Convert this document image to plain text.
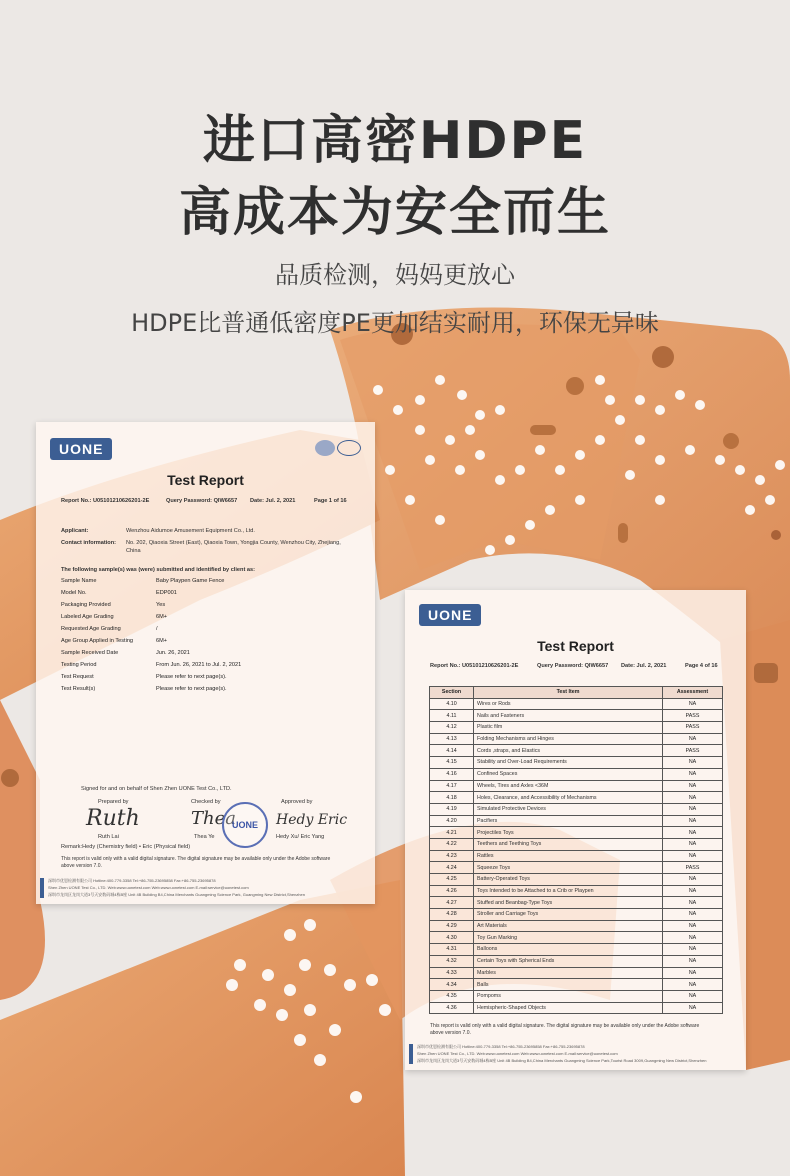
进口高密HDPE
高成本为安全而生
品质检测，妈妈更放心
HDPE比普通低密度PE更加结实耐用，环保无异味
UONE
Test Report
Report No.: U05101210626201-2E	Query Password: QIW6657 Date: Jul. 2, 2021	Page 1 of 16
Applicant:	Wenzhou Aidumoe Amusement Equipment Co., Ltd.
Contact information: No. 202, Qiaoxia Street (East), Qiaoxia Town, Yongjia County, Wenzhou City, Zhejiang,
China
The following sample(s) was (were) submitted and identified by client as:
Sample Name	Baby Playpen Game Fence
Model No.	EDP001
Packaging Provided	Yes
Labeled Age Grading	6M+
Requested Age Grading	/
Age Group Applied in Testing	6M+
Sample Received Date	Jun. 26, 2021
Testing Period	From Jun. 26, 2021 to Jul. 2, 2021
Test Request	Please refer to next page(s).
Test Result(s)	Please refer to next page(s).
Signed for and on behalf of Shen Zhen UONE Test Co., LTD.
Prepared by	Checked by	Approved by
Ruth	Thea	Hedy Eric
UONE
Ruth Lai	Thea Ye	Hedy Xu/ Eric Yang
Remark:Hedy (Chemistry field) • Eric (Physical field)
This report is valid only with a valid digital signature. The digital signature may be available only under the Adobe software
above version 7.0.
深圳市优恩检测有限公司 Hotline:400-779-3358 Tel:+86-755-23695858 Fax:+86-755-23695878
Shen Zhen UONE Test Co., LTD. Web:www.uonetest.com Web:www.uonetest.com E-mail:service@uonetest.com
深圳市龙岗区龙岗大道3号天安数码城4栋B座 Unit 4B Building B4,China Merchants Guangming Science Park, Guangming New District,Shenzhen
UONE
Test Report
Report No.: U05101210626201-2E	Query Password: QIW6657 Date: Jul. 2, 2021	Page 4 of 16
Section	Test Item	Assessment
4.10	Wires or Rods	NA
4.11	Nails and Fasteners	PASS
4.12	Plastic film	PASS
4.13	Folding Mechanisms and Hinges	NA
4.14	Cords ,straps, and Elastics	PASS
4.15	Stability and Over-Load Requirements	NA
4.16	Confined Spaces	NA
4.17	Wheels, Tires and Axles <36M	NA
4.18	Holes, Clearance, and Accessibility of Mechanisms	NA
4.19	Simulated Protective Devices	NA
4.20	Pacifiers	NA
4.21	Projectiles Toys	NA
4.22	Teethers and Teething Toys	NA
4.23	Rattles	NA
4.24	Squeeze Toys	PASS
4.25	Battery-Operated Toys	NA
4.26	Toys Intended to be Attached to a Crib or Playpen	NA
4.27	Stuffed and Beanbag-Type Toys	NA
4.28	Stroller and Carriage Toys	NA
4.29	Art Materials	NA
4.30	Toy Gun Marking	NA
4.31	Balloons	NA
4.32	Certain Toys with Spherical Ends	NA
4.33	Marbles	NA
4.34	Balls	NA
4.35	Pompoms	NA
4.36	Hemispheric-Shaped Objects	NA
This report is valid only with a valid digital signature. The digital signature may be available only under the Adobe software
above version 7.0.
深圳市优恩检测有限公司 Hotline:400-779-3358 Tel:+86-755-23695858 Fax:+86-755-23695878
Shen Zhen UONE Test Co., LTD. Web:www.uonetest.com Web:www.uonetest.com E-mail:service@uonetest.com
深圳市龙岗区龙岗大道3号天安数码城4栋B座 Unit 4B Building B4,China Merchants Guangming Science Park,Tourist Road 3009,Guangming New District,Shenzhen
